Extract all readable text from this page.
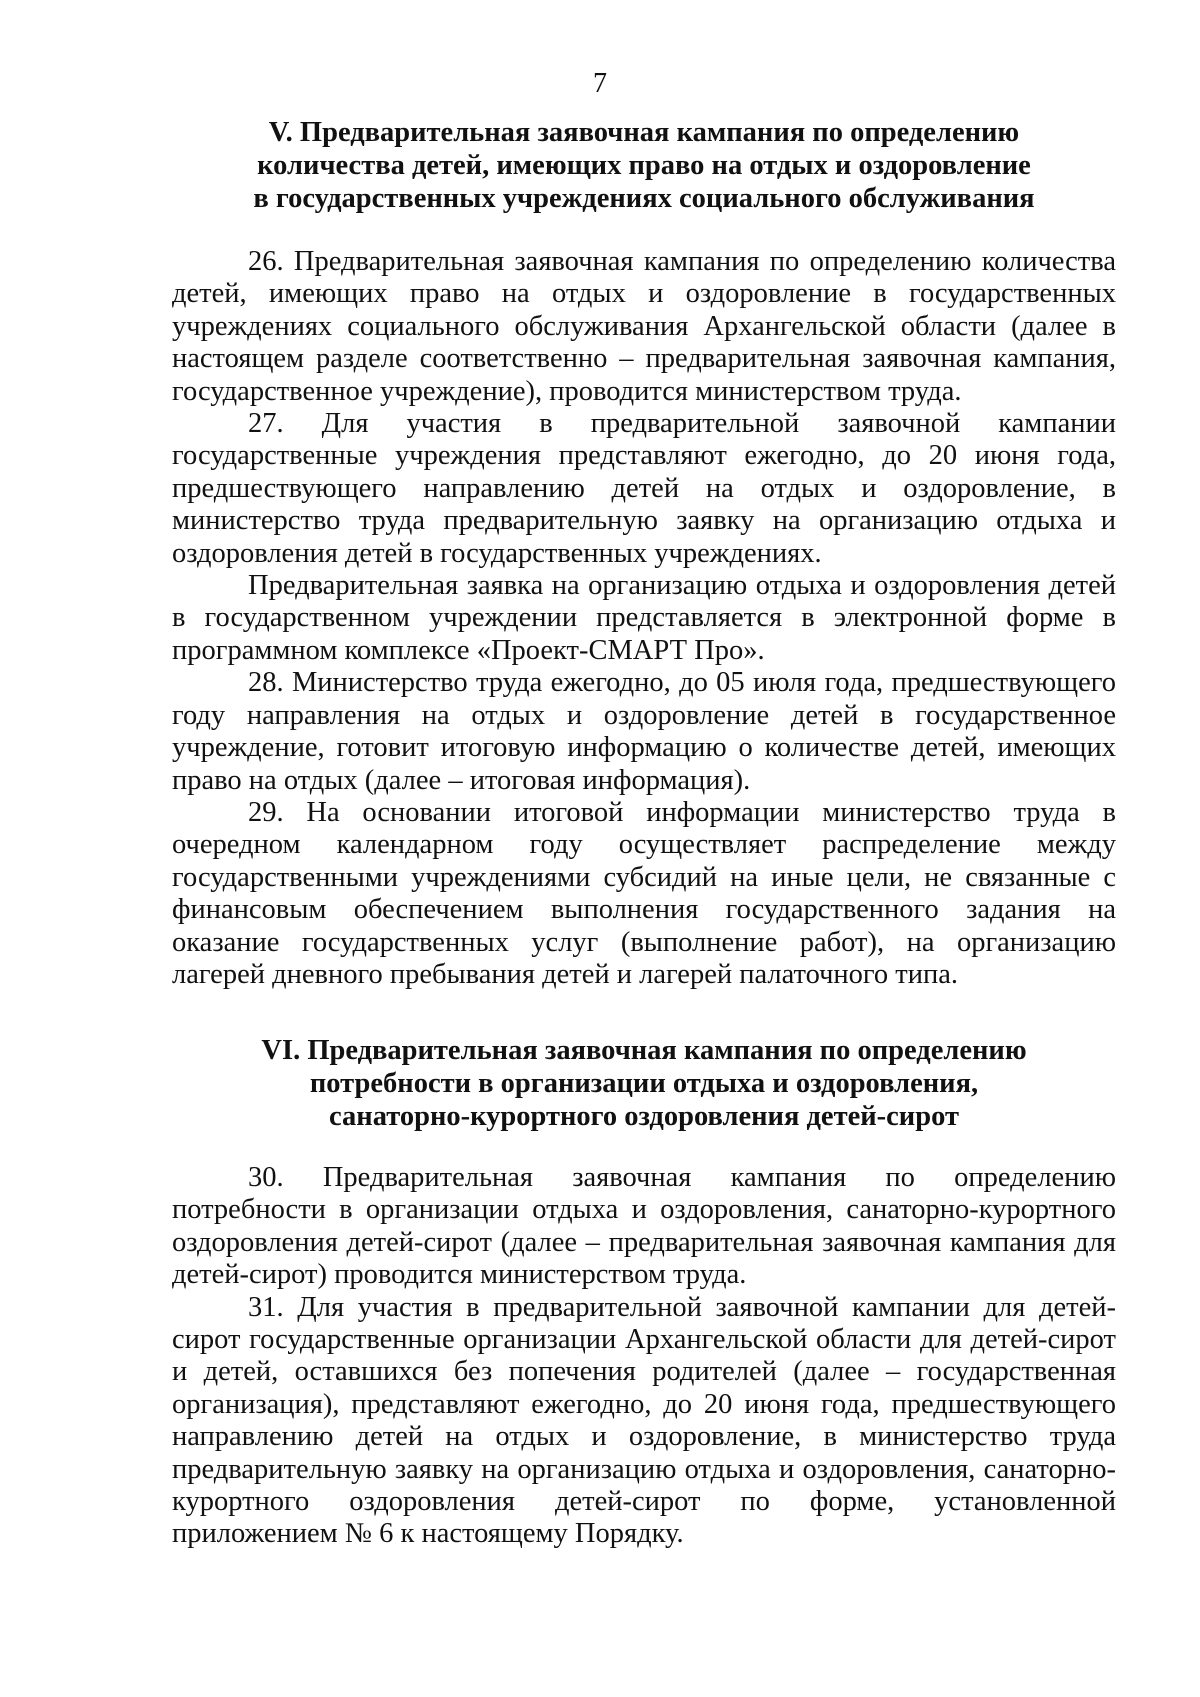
7
V. Предварительная заявочная кампания по определению
количества детей, имеющих право на отдых и оздоровление
в государственных учреждениях социального обслуживания

26. Предварительная заявочная кампания по определению количества детей, имеющих право на отдых и оздоровление в государственных учреждениях социального обслуживания Архангельской области (далее в настоящем разделе соответственно – предварительная заявочная кампания, государственное учреждение), проводится министерством труда.

27. Для участия в предварительной заявочной кампании государственные учреждения представляют ежегодно, до 20 июня года, предшествующего направлению детей на отдых и оздоровление, в министерство труда предварительную заявку на организацию отдыха и оздоровления детей в государственных учреждениях.

Предварительная заявка на организацию отдыха и оздоровления детей в государственном учреждении представляется в электронной форме в программном комплексе «Проект-СМАРТ Про».

28. Министерство труда ежегодно, до 05 июля года, предшествующего году направления на отдых и оздоровление детей в государственное учреждение, готовит итоговую информацию о количестве детей, имеющих право на отдых (далее – итоговая информация).

29. На основании итоговой информации министерство труда в очередном календарном году осуществляет распределение между государственными учреждениями субсидий на иные цели, не связанные с финансовым обеспечением выполнения государственного задания на оказание государственных услуг (выполнение работ), на организацию лагерей дневного пребывания детей и лагерей палаточного типа.

VI. Предварительная заявочная кампания по определению
потребности в организации отдыха и оздоровления,
санаторно-курортного оздоровления детей-сирот

30. Предварительная заявочная кампания по определению потребности в организации отдыха и оздоровления, санаторно-курортного оздоровления детей-сирот (далее – предварительная заявочная кампания для детей-сирот) проводится министерством труда.

31. Для участия в предварительной заявочной кампании для детей-сирот государственные организации Архангельской области для детей-сирот и детей, оставшихся без попечения родителей (далее – государственная организация), представляют ежегодно, до 20 июня года, предшествующего направлению детей на отдых и оздоровление, в министерство труда предварительную заявку на организацию отдыха и оздоровления, санаторно-курортного оздоровления детей-сирот по форме, установленной приложением № 6 к настоящему Порядку.
